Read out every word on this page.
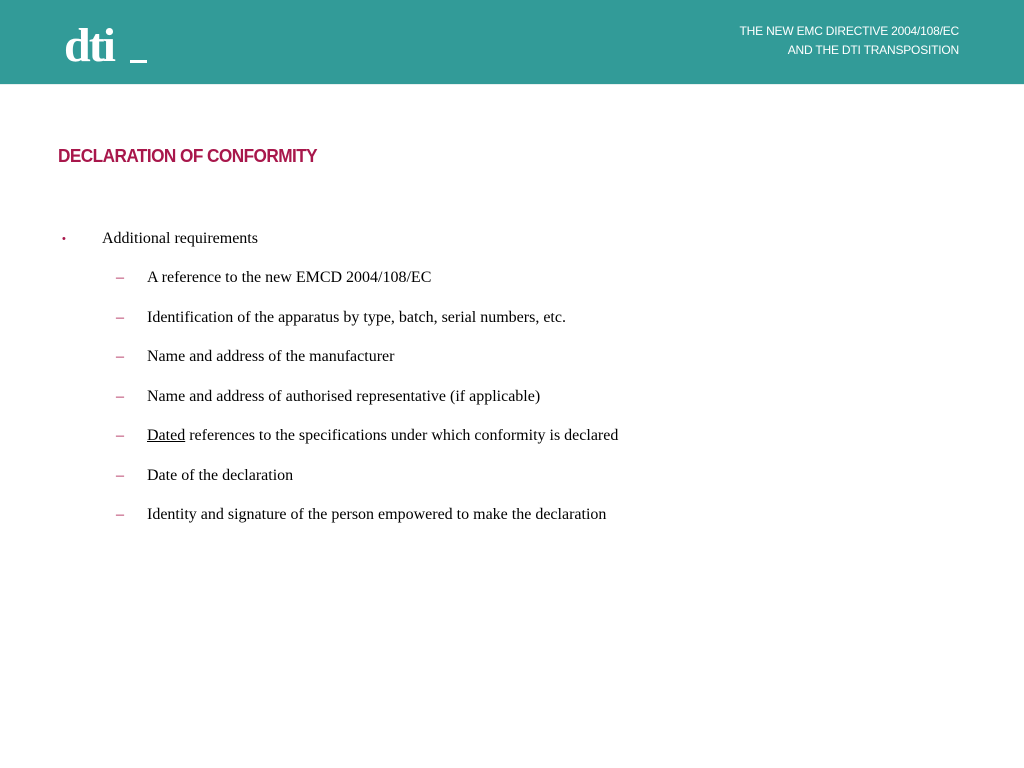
dti	THE NEW EMC DIRECTIVE 2004/108/EC
AND THE DTI TRANSPOSITION
DECLARATION OF CONFORMITY
• Additional requirements
– A reference to the new EMCD 2004/108/EC
– Identification of the apparatus by type, batch, serial numbers, etc.
– Name and address of the manufacturer
– Name and address of authorised representative (if applicable)
– Dated references to the specifications under which conformity is declared
– Date of the declaration
– Identity and signature of the person empowered to make the declaration
